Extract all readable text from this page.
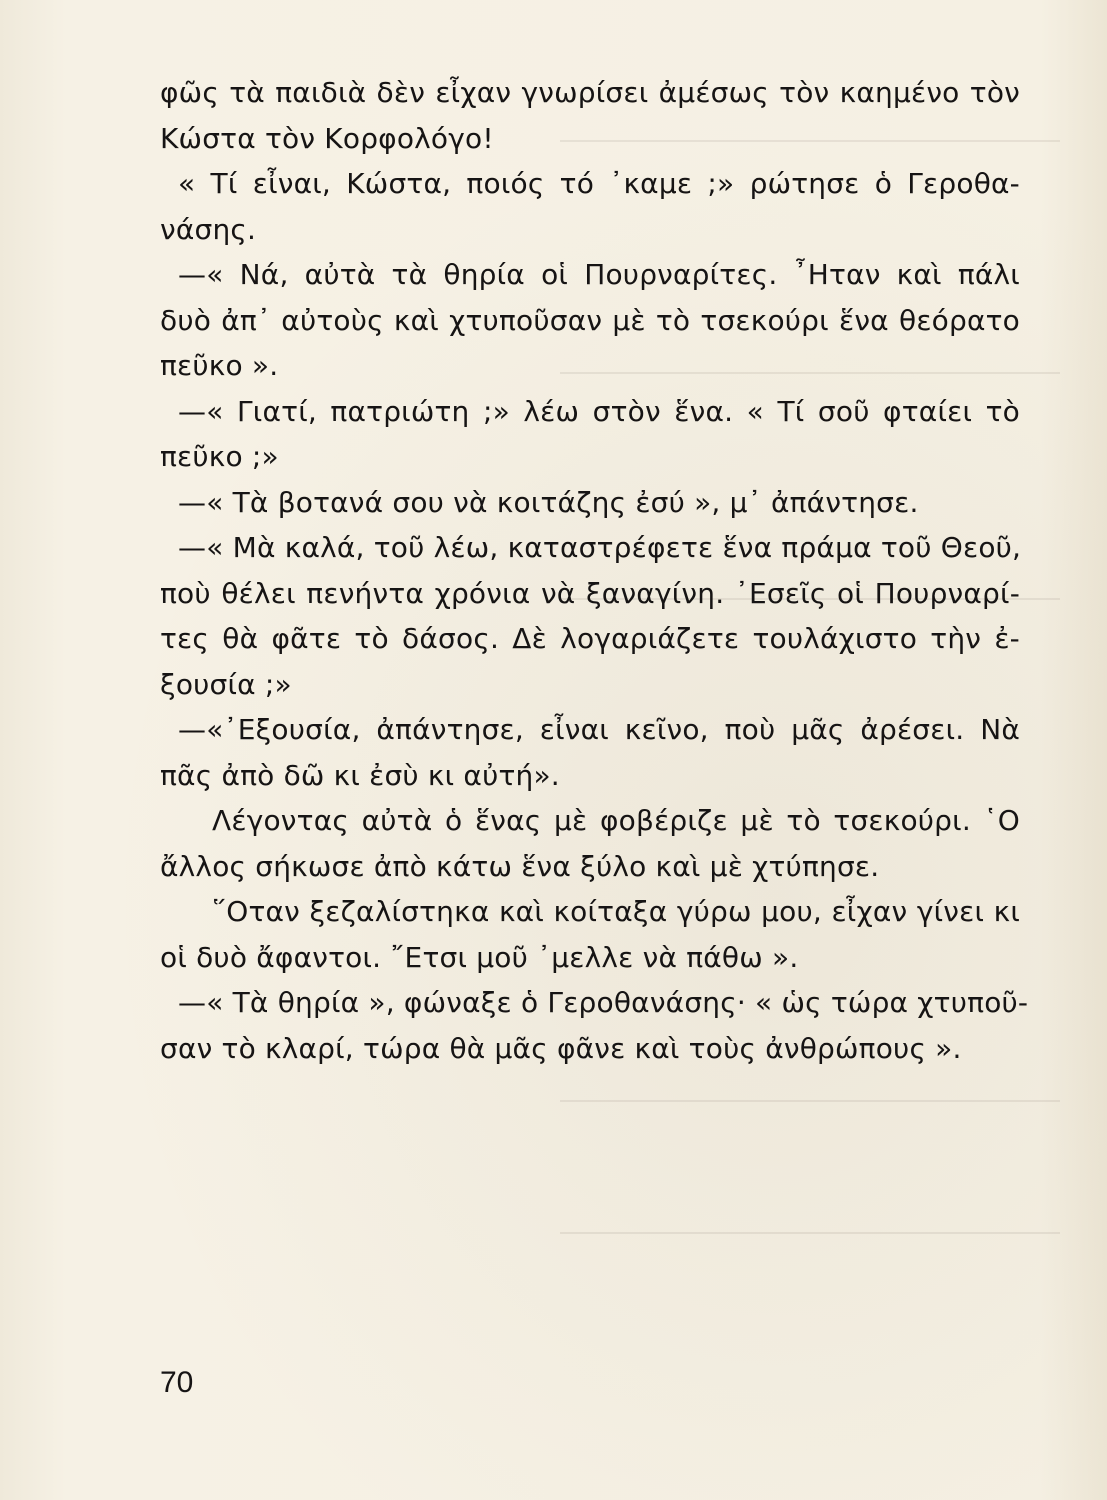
φῶς τὰ παιδιὰ δὲν εἶχαν γνωρίσει ἀμέσως τὸν καημένο τὸν
Κώστα τὸν Κορφολόγο!
« Τί εἶναι, Κώστα, ποιός τό ᾿καμε ;» ρώτησε ὁ Γεροθα-
νάσης.
—« Νά, αὐτὰ τὰ θηρία οἱ Πουρναρίτες. ῏Ηταν καὶ πάλι
δυὸ ἀπ᾿ αὐτοὺς καὶ χτυποῦσαν μὲ τὸ τσεκούρι ἕνα θεόρατο
πεῦκο ».
—« Γιατί, πατριώτη ;» λέω στὸν ἕνα. « Τί σοῦ φταίει τὸ
πεῦκο ;»
—« Τὰ βοτανά σου νὰ κοιτάζης ἐσύ », μ᾿ ἀπάντησε.
—« Μὰ καλά, τοῦ λέω, καταστρέφετε ἕνα πράμα τοῦ Θεοῦ,
ποὺ θέλει πενήντα χρόνια νὰ ξαναγίνη. ᾿Εσεῖς οἱ Πουρναρί-
τες θὰ φᾶτε τὸ δάσος. Δὲ λογαριάζετε τουλάχιστο τὴν ἐ-
ξουσία ;»
—«᾿Εξουσία, ἀπάντησε, εἶναι κεῖνο, ποὺ μᾶς ἀρέσει. Νὰ
πᾶς ἀπὸ δῶ κι ἐσὺ κι αὐτή».
Λέγοντας αὐτὰ ὁ ἕνας μὲ φοβέριζε μὲ τὸ τσεκούρι. ῾Ο
ἄλλος σήκωσε ἀπὸ κάτω ἕνα ξύλο καὶ μὲ χτύπησε.
῞Οταν ξεζαλίστηκα καὶ κοίταξα γύρω μου, εἶχαν γίνει κι
οἱ δυὸ ἄφαντοι. ῎Ετσι μοῦ ᾿μελλε νὰ πάθω ».
—« Τὰ θηρία », φώναξε ὁ Γεροθανάσης· « ὡς τώρα χτυποῦ-
σαν τὸ κλαρί, τώρα θὰ μᾶς φᾶνε καὶ τοὺς ἀνθρώπους ».
70
